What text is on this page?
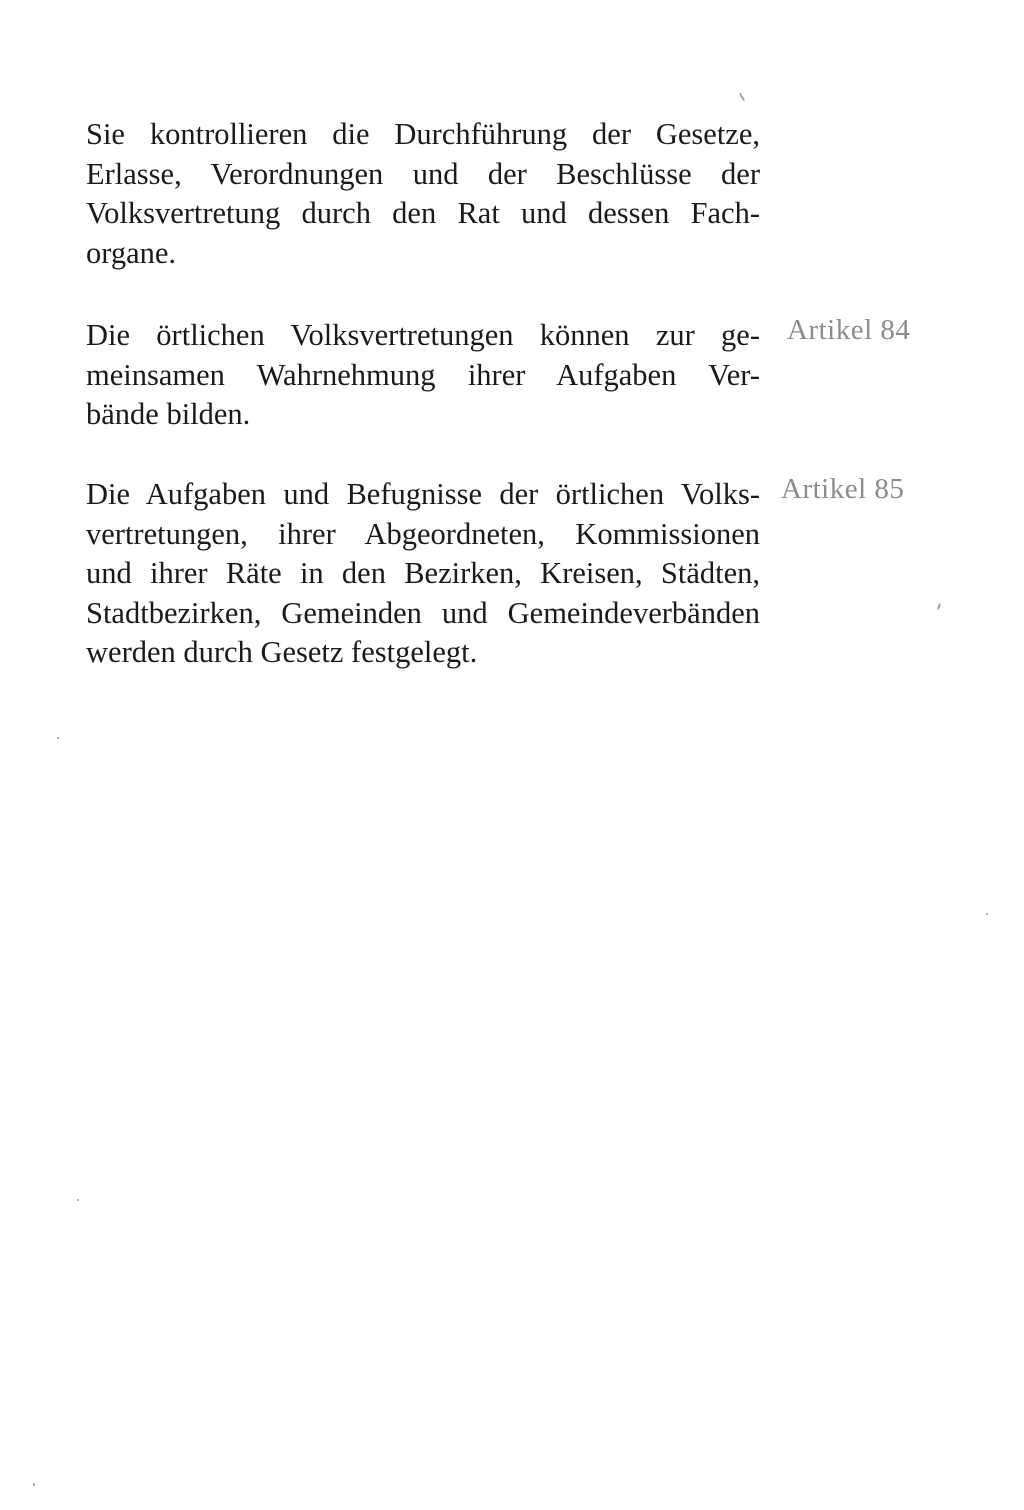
Sie kontrollieren die Durchführung der Gesetze,
Erlasse, Verordnungen und der Beschlüsse der
Volksvertretung durch den Rat und dessen Fach-
organe.
Die örtlichen Volksvertretungen können zur ge-
meinsamen Wahrnehmung ihrer Aufgaben Ver-
bände bilden.
Artikel 84
Die Aufgaben und Befugnisse der örtlichen Volks-
vertretungen, ihrer Abgeordneten, Kommissionen
und ihrer Räte in den Bezirken, Kreisen, Städten,
Stadtbezirken, Gemeinden und Gemeindeverbänden
werden durch Gesetz festgelegt.
Artikel 85
